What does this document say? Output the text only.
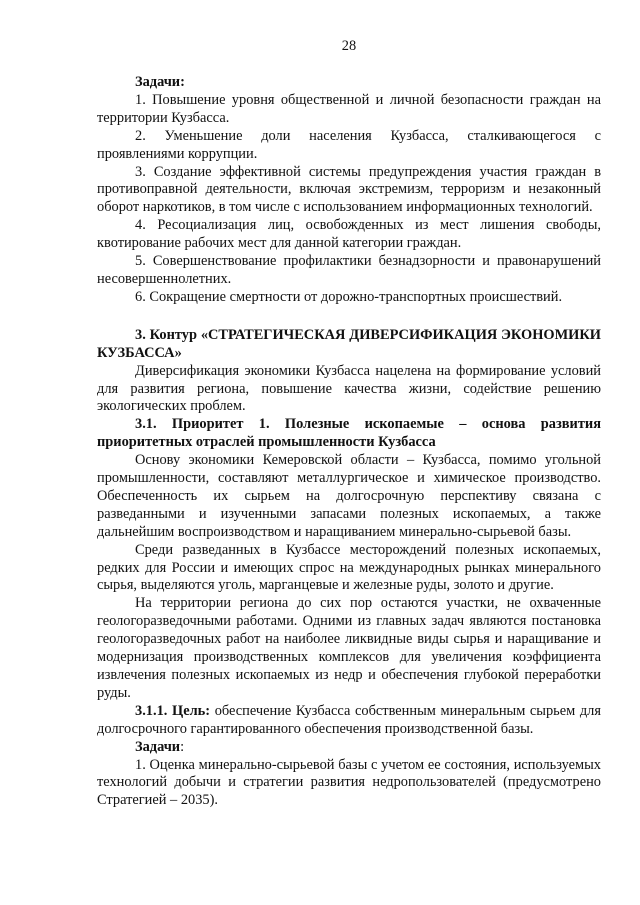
28

Задачи:

1. Повышение уровня общественной и личной безопасности граждан на территории Кузбасса.

2. Уменьшение доли населения Кузбасса, сталкивающегося с проявлениями коррупции.

3. Создание эффективной системы предупреждения участия граждан в противоправной деятельности, включая экстремизм, терроризм и незаконный оборот наркотиков, в том числе с использованием информационных технологий.

4. Ресоциализация лиц, освобожденных из мест лишения свободы, квотирование рабочих мест для данной категории граждан.

5. Совершенствование профилактики безнадзорности и правонарушений несовершеннолетних.

6. Сокращение смертности от дорожно-транспортных происшествий.

3. Контур «СТРАТЕГИЧЕСКАЯ ДИВЕРСИФИКАЦИЯ ЭКОНОМИКИ КУЗБАССА»

Диверсификация экономики Кузбасса нацелена на формирование условий для развития региона, повышение качества жизни, содействие решению экологических проблем.

3.1. Приоритет 1. Полезные ископаемые – основа развития приоритетных отраслей промышленности Кузбасса

Основу экономики Кемеровской области – Кузбасса, помимо угольной промышленности, составляют металлургическое и химическое производство. Обеспеченность их сырьем на долгосрочную перспективу связана с разведанными и изученными запасами полезных ископаемых, а также дальнейшим воспроизводством и наращиванием минерально-сырьевой базы.

Среди разведанных в Кузбассе месторождений полезных ископаемых, редких для России и имеющих спрос на международных рынках минерального сырья, выделяются уголь, марганцевые и железные руды, золото и другие.

На территории региона до сих пор остаются участки, не охваченные геологоразведочными работами. Одними из главных задач являются постановка геологоразведочных работ на наиболее ликвидные виды сырья и наращивание и модернизация производственных комплексов для увеличения коэффициента извлечения полезных ископаемых из недр и обеспечения глубокой переработки руды.

3.1.1. Цель: обеспечение Кузбасса собственным минеральным сырьем для долгосрочного гарантированного обеспечения производственной базы.

Задачи:

1. Оценка минерально-сырьевой базы с учетом ее состояния, используемых технологий добычи и стратегии развития недропользователей (предусмотрено Стратегией – 2035).
